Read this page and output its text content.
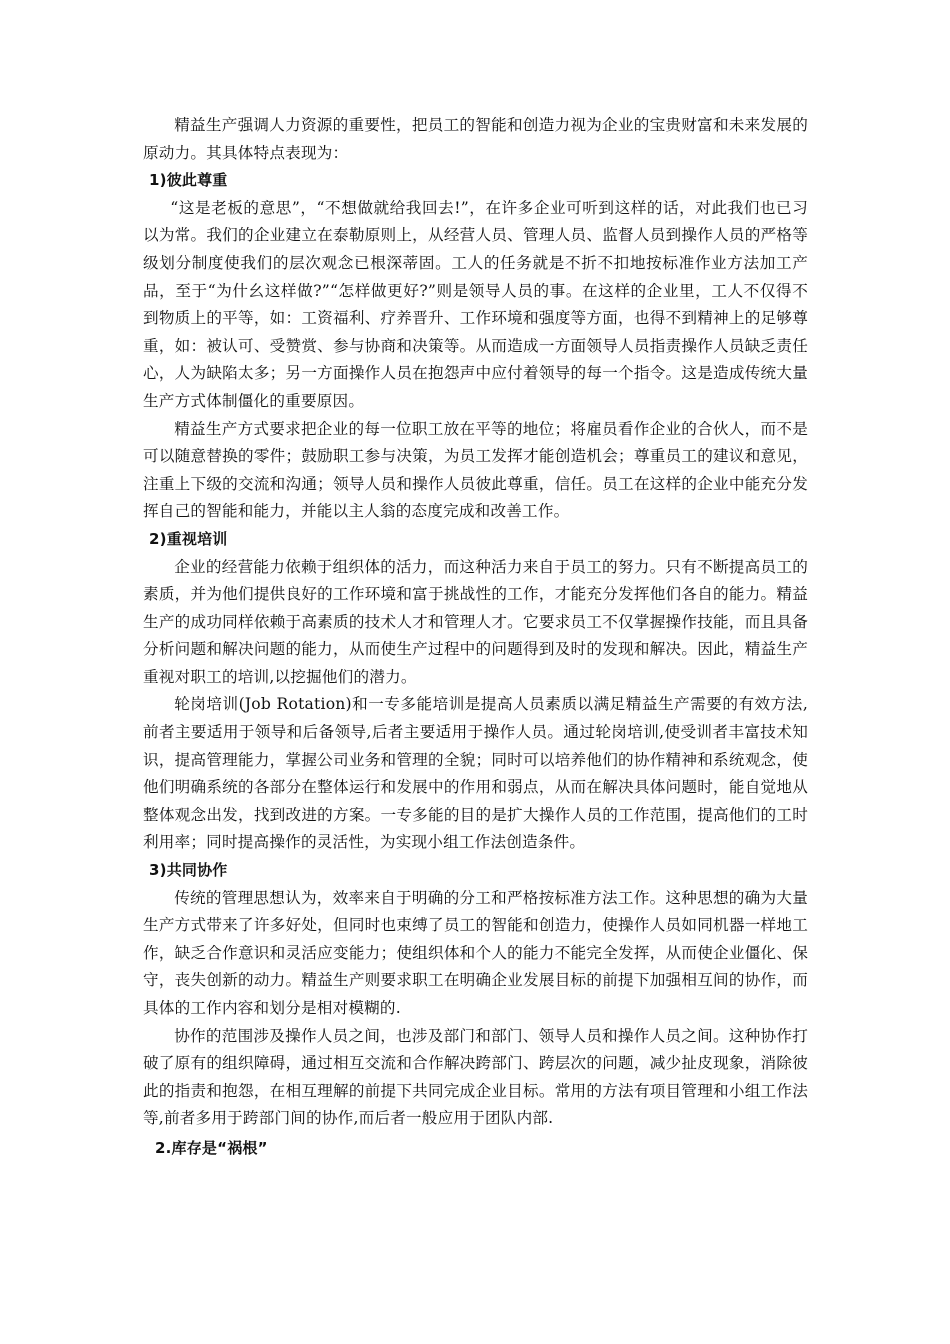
精益生产强调人力资源的重要性，把员工的智能和创造力视为企业的宝贵财富和未来发展的原动力。其具体特点表现为：

1)彼此尊重

“这是老板的意思”，“不想做就给我回去!”，在许多企业可听到这样的话，对此我们也已习以为常。我们的企业建立在泰勒原则上，从经营人员、管理人员、监督人员到操作人员的严格等级划分制度使我们的层次观念已根深蒂固。工人的任务就是不折不扣地按标准作业方法加工产品，至于“为什幺这样做?”“怎样做更好?”则是领导人员的事。在这样的企业里，工人不仅得不到物质上的平等，如：工资福利、疗养晋升、工作环境和强度等方面，也得不到精神上的足够尊重，如：被认可、受赞赏、参与协商和决策等。从而造成一方面领导人员指责操作人员缺乏责任心，人为缺陷太多；另一方面操作人员在抱怨声中应付着领导的每一个指令。这是造成传统大量生产方式体制僵化的重要原因。

精益生产方式要求把企业的每一位职工放在平等的地位；将雇员看作企业的合伙人，而不是可以随意替换的零件；鼓励职工参与决策，为员工发挥才能创造机会；尊重员工的建议和意见，注重上下级的交流和沟通；领导人员和操作人员彼此尊重，信任。员工在这样的企业中能充分发挥自己的智能和能力，并能以主人翁的态度完成和改善工作。

2)重视培训

企业的经营能力依赖于组织体的活力，而这种活力来自于员工的努力。只有不断提高员工的素质，并为他们提供良好的工作环境和富于挑战性的工作，才能充分发挥他们各自的能力。精益生产的成功同样依赖于高素质的技术人才和管理人才。它要求员工不仅掌握操作技能，而且具备分析问题和解决问题的能力，从而使生产过程中的问题得到及时的发现和解决。因此，精益生产重视对职工的培训,以挖掘他们的潜力。

轮岗培训(Job Rotation)和一专多能培训是提高人员素质以满足精益生产需要的有效方法,前者主要适用于领导和后备领导,后者主要适用于操作人员。通过轮岗培训,使受训者丰富技术知识，提高管理能力，掌握公司业务和管理的全貌；同时可以培养他们的协作精神和系统观念，使他们明确系统的各部分在整体运行和发展中的作用和弱点，从而在解决具体问题时，能自觉地从整体观念出发，找到改进的方案。一专多能的目的是扩大操作人员的工作范围，提高他们的工时利用率；同时提高操作的灵活性，为实现小组工作法创造条件。

3)共同协作

传统的管理思想认为，效率来自于明确的分工和严格按标准方法工作。这种思想的确为大量生产方式带来了许多好处，但同时也束缚了员工的智能和创造力，使操作人员如同机器一样地工作，缺乏合作意识和灵活应变能力；使组织体和个人的能力不能完全发挥，从而使企业僵化、保守，丧失创新的动力。精益生产则要求职工在明确企业发展目标的前提下加强相互间的协作，而具体的工作内容和划分是相对模糊的.

协作的范围涉及操作人员之间，也涉及部门和部门、领导人员和操作人员之间。这种协作打破了原有的组织障碍，通过相互交流和合作解决跨部门、跨层次的问题，减少扯皮现象，消除彼此的指责和抱怨，在相互理解的前提下共同完成企业目标。常用的方法有项目管理和小组工作法等,前者多用于跨部门间的协作,而后者一般应用于团队内部.

2.库存是“祸根”
